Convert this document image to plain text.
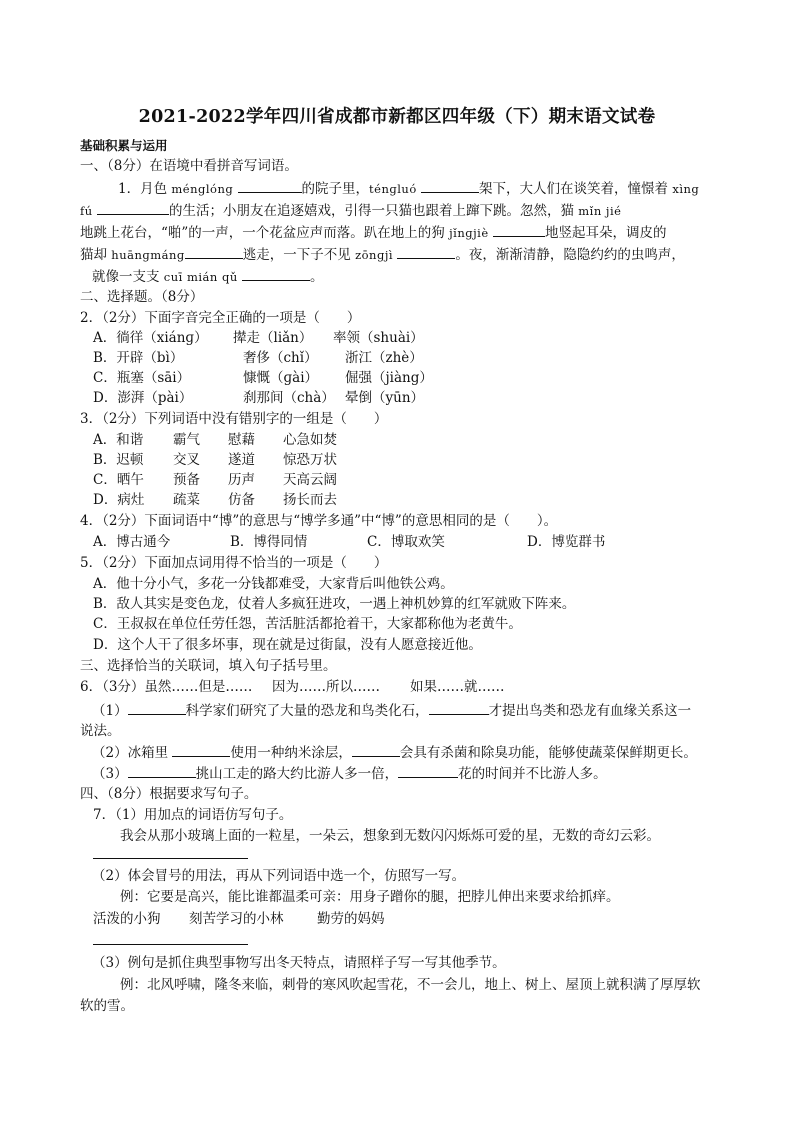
2021-2022学年四川省成都市新都区四年级（下）期末语文试卷
基础积累与运用
一、（8分）在语境中看拼音写词语。
1．月色 ménglóng	的院子里，ténɡluó	架下，大人们在谈笑着，憧憬着 xìng
fú	的生活；小朋友在追逐嬉戏，引得一只猫也跟着上蹿下跳。忽然，猫 mǐn jié
地跳上花台，“啪”的一声，一个花盆应声而落。趴在地上的狗 jǐnɡjiè	地竖起耳朵，调皮的
猫却 huānɡmánɡ	逃走，一下子不见 zōnɡjì	。夜，渐渐清静，隐隐约约的虫鸣声，
就像一支支 cuī mián qǔ	。
二、选择题。（8分）
2．（2分）下面字音完全正确的一项是（　　）
A．徜徉（xiánɡ） 撵走（liǎn） 率领（shuài）
B．开辟（bì）	奢侈（chǐ） 浙江（zhè）
C．瓶塞（sāi）	慷慨（ɡài） 倔强（jiàng）
D．澎湃（pài）	刹那间（chà） 晕倒（yūn）
3．（2分）下列词语中没有错别字的一组是（　　）
A．和谐 霸气 慰藉 心急如焚
B．迟顿 交叉 遂道 惊恐万状
C．晒午 预备 历声 天高云阔
D．病灶 疏菜 仿备 扬长而去
4．（2分）下面词语中“博”的意思与“博学多通”中“博”的意思相同的是（　　）。
A．博古通今	B．博得同情	C．博取欢笑	D．博览群书
5．（2分）下面加点词用得不恰当的一项是（　　）
A．他十分小气，多花一分钱都难受，大家背后叫他铁公鸡。
B．敌人其实是变色龙，仗着人多疯狂进攻，一遇上神机妙算的红军就败下阵来。
C．王叔叔在单位任劳任怨，苦活脏活都抢着干，大家都称他为老黄牛。
D．这个人干了很多坏事，现在就是过街鼠，没有人愿意接近他。
三、选择恰当的关联词，填入句子括号里。
6．（3分）虽然……但是…… 因为……所以…… 如果……就……
（1）	科学家们研究了大量的恐龙和鸟类化石，	才提出鸟类和恐龙有血缘关系这一
说法。
（2）冰箱里	使用一种纳米涂层，	会具有杀菌和除臭功能，能够使蔬菜保鲜期更长。
（3）	挑山工走的路大约比游人多一倍，	花的时间并不比游人多。
四、（8分）根据要求写句子。
7．（1）用加点的词语仿写句子。
我会从那小玻璃上面的一粒星，一朵云，想象到无数闪闪烁烁可爱的星，无数的奇幻云彩。
（2）体会冒号的用法，再从下列词语中选一个，仿照写一写。
例：它要是高兴，能比谁都温柔可亲：用身子蹭你的腿，把脖儿伸出来要求给抓痒。
活泼的小狗 刻苦学习的小林 勤劳的妈妈
（3）例句是抓住典型事物写出冬天特点，请照样子写一写其他季节。
例：北风呼啸，隆冬来临，刺骨的寒风吹起雪花，不一会儿，地上、树上、屋顶上就积满了厚厚软
软的雪。
